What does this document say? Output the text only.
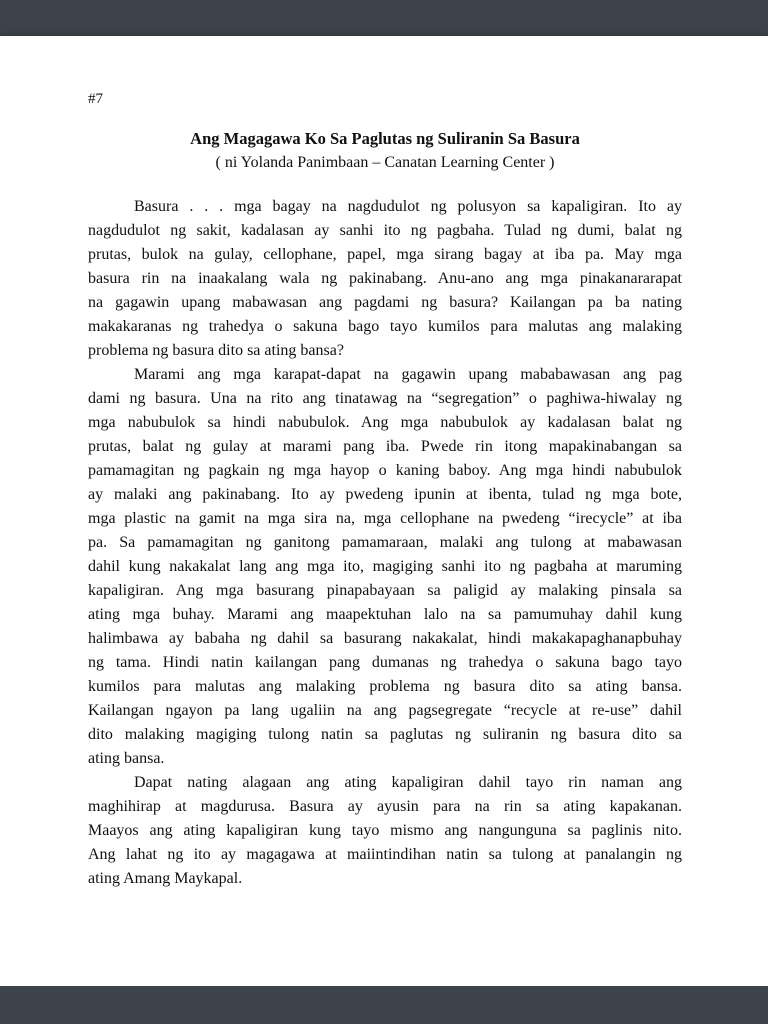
#7
Ang Magagawa Ko Sa Paglutas ng Suliranin Sa Basura
( ni Yolanda Panimbaan – Canatan Learning Center )
Basura . . . mga bagay na nagdudulot ng polusyon sa kapaligiran. Ito ay
nagdudulot ng sakit, kadalasan ay sanhi ito ng pagbaha. Tulad ng dumi, balat ng
prutas, bulok na gulay, cellophane, papel, mga sirang bagay at iba pa. May mga
basura rin na inaakalang wala ng pakinabang. Anu-ano ang mga pinakanararapat
na gagawin upang mabawasan ang pagdami ng basura? Kailangan pa ba nating
makakaranas ng trahedya o sakuna bago tayo kumilos para malutas ang malaking
problema ng basura dito sa ating bansa?
Marami ang mga karapat-dapat na gagawin upang mababawasan ang pag
dami ng basura. Una na rito ang tinatawag na “segregation” o paghiwa-hiwalay ng
mga nabubulok sa hindi nabubulok. Ang mga nabubulok ay kadalasan balat ng
prutas, balat ng gulay at marami pang iba. Pwede rin itong mapakinabangan sa
pamamagitan ng pagkain ng mga hayop o kaning baboy. Ang mga hindi nabubulok
ay malaki ang pakinabang. Ito ay pwedeng ipunin at ibenta, tulad ng mga bote,
mga plastic na gamit na mga sira na, mga cellophane na pwedeng “irecycle” at iba
pa. Sa pamamagitan ng ganitong pamamaraan, malaki ang tulong at mabawasan
dahil kung nakakalat lang ang mga ito, magiging sanhi ito ng pagbaha at maruming
kapaligiran. Ang mga basurang pinapabayaan sa paligid ay malaking pinsala sa
ating mga buhay. Marami ang maapektuhan lalo na sa pamumuhay dahil kung
halimbawa ay babaha ng dahil sa basurang nakakalat, hindi makakapaghanapbuhay
ng tama. Hindi natin kailangan pang dumanas ng trahedya o sakuna bago tayo
kumilos para malutas ang malaking problema ng basura dito sa ating bansa.
Kailangan ngayon pa lang ugaliin na ang pagsegregate “recycle at re-use” dahil
dito malaking magiging tulong natin sa paglutas ng suliranin ng basura dito sa
ating bansa.
Dapat nating alagaan ang ating kapaligiran dahil tayo rin naman ang
maghihirap at magdurusa. Basura ay ayusin para na rin sa ating kapakanan.
Maayos ang ating kapaligiran kung tayo mismo ang nangunguna sa paglinis nito.
Ang lahat ng ito ay magagawa at maiintindihan natin sa tulong at panalangin ng
ating Amang Maykapal.
